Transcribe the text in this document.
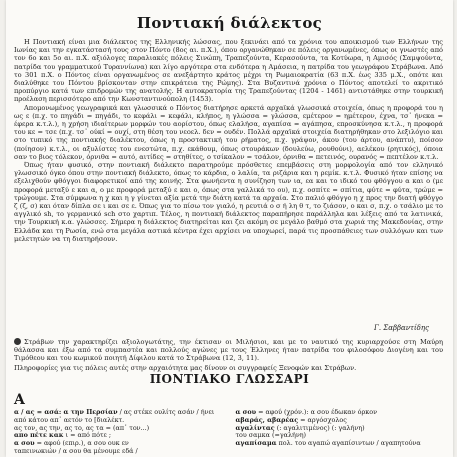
Ποντιακή διάλεκτος

Η Ποντιακή είναι μια διάλεκτος της Ελληνικής λώσσας, που ξεκινάει από τα χρόνια του αποικισμού των Ελλήνων της Ιωνίας και την εγκατάστασή τους στον Πόντο (8ος αι. π.Χ.), όπου οργανώθηκαν σε πόλεις οργανωμένες, όπως οι γνωστές από τον 6ο και 5ο αι. π.Χ. αξιόλογες παραλιακές πόλεις Σινώπη, Τραπεζούντα, Κερασούντα, τα Κοτύωρα, η Αμισός (Σαμψούντα, πατρίδα του γραμματικού Τυραννίωνα) και λίγο αργότερα στα ενδότερα η Αμάσεια, η πατρίδα του γεωγράφου Στράβωνα. Από το 301 π.Χ. ο Πόντος είναι οργανωμένος σε ανεξάρτητο κράτος μέχρι τη Ρωμαιοκρατία (63 π.Χ. έως 335 μ.Χ., οπότε και διαλύθηκε του Πόντου βρίσκονταν στην επικράτεια της Ρώμης). Στα Βυζαντινά χρόνια ο Πόντος αποτελεί το ακριτικό προπύργιο κατά των επιδρομών της ανατολής. Η αυτοκρατορία της Τραπεζούντας (1204 - 1461) αντιστάθηκε στην τουρκική προέλαση περισσότερο από την Κωνσταντινούπολη (1453).

Απομονωμένος γεωγραφικά και γλωσσικά ο Πόντος διατήρησε αρκετά αρχαϊκά γλωσσικά στοιχεία, όπως η προφορά του η ως ε (π.χ. το πηγάδι = πηγάδι, το κεφάλι = κεφάλι, κλήπος, η γλώσσα = γλώσσα, εμέτερον = ημέτερον, έχνα, τσ᾽ ήνεκα = έφερα κ.τ.λ.), η χρήση ιδιαίτερων μορφών του αορίστου, όπως ελαλήσα, αγαπίσα = αγάπησα, επροσκύνησα κ.τ.λ., η προφορά του κε = τσε (π.χ. τσ᾽ ούκί = ουχί, στη θέση του νεοελ. δεν = ουδέν. Πολλά αρχαϊκά στοιχεία διατηρήθηκαν στο λεξιλόγιο και στο τυπικό της ποντιακής διαλέκτου, όπως η προστακτική του ρήματος, π.χ. γράψον, άκου (του άρτου, ανάπτυ), ποίσον (ποίησον) κ.τ.λ., οι αξυλίστες του ενεστώτα, π.χ. εκάθουμ, όπως στουράκων (δουλεύω, ρουθούνι), αελέκου (ρητικός), όποια σαν το βιος τόλεκον, όρνιθα = αυτό, αιτίδες = στηθίτες, ο τσίκαλον = τσάλον, όρνιθα = πετεινός, ουρανός = πεπτέλον κ.τ.λ.

Όπως ήταν φυσικό, στην ποντιακή διάλεκτο παρατηρούμε πρόσθετες επεμβάσεις στη μορφολογία από τον ελληνικό γλωσσικό όγκο όπου στην ποντιακή διάλεκτο, όπως το κάρδια, ο λαλία, τα ριζάρια και η ρεμίκ. κ.τ.λ. Φυσικό ήταν επίσης να εξελιχθούν φθόγγοι διαφορετικοί από της κοινής. Στα φωνήεντα η συνίζηση των ια, εα και το ιδικό του φθόγγου α και ο (με προφορά μεταξύ ε και α, ο με προφορά μεταξύ ε και ο, όπως στα γαλλικά το ου), π.χ. οσπίτε = σπίτια, φύτε = φύτα, τρώμε = τρώγουμε. Στα σύμφωνα η χ και η γ γίνεται αξία μετά την διάτη κατά τα αρχαία. Στο παλιό φθόγγο η χ προς την διατή φθόγγο ζ (ζ, σ) και όταν δίπλα σε ι και σε ε. Όπως για το πίσω τον γιαλό, η ρευτιά ο σ ή λη θ τ, το ζιάσον, ο και σ, π.χ. ο τσάλιο με το αγγλικό sh, το γερμανικό sch στο χαρτιπ. Τέλος, η ποντιακή διάλεκτος παραπήρησε παράλληλα και λέξεις από τα λατινικά, την Τουρκική κ.α. γλώσσες. Σήμερα η διάλεκτος διατηρείται και ζει ακόμη σε μεγάλο βαθμό στα χωριά της Μακεδονίας, στην Ελλάδα και τη Ρωσία, ενώ στα μεγάλα αστικά κέντρα έχει αρχίσει να υποχωρεί, παρά τις προσπάθειες των συλλόγων και των μελετητών να τη διατηρήσουν.

Γ. Σαββαντίδης

Στράβων την χαρακτηρίζει αξιολογωτάτης, την έκτισαν οι Μιλήσιοι, και με το ναυτικό της κυριαρχούσε στη Μαύρη θάλασσα και έξω από τα συμπαστέα και πολλούς αγώνες με τους Έλληνες ήταν πατρίδα του φιλοσόφου Διογένη και του Τιμόθεου και του κωμικού ποιητή Δίφιλου κατά το Στράβωνα (12, 3, 11).

Πληροφορίες για τις πόλεις αυτές στην αρχαιότητα μας δίνουν οι συγγραφείς Ξενοφών και Στράβων.

ΠΟΝΤΙΑΚΟ ΓΛΩΣΣΑΡΙ
Α

α / ας = ασά: α την Περσίαν / ας στέκε ουλίτς ασάν / ήνει από κάτου απ᾽ αετόν το [διαλέκτ.

ας τον, ας την, ας το, ας τα = (απ᾽ τον...)

απο πέτε κακ ι = από πότε ;

α σου = αφού (επιρ.), α σου ουκ εν

ταπεινωκιών / α σου θα μένουμε εδά /

α σου = αφού (χρόν.): α σου έδωκαν όρκον

αβαράς, αβαρέας = αργόσχολος

αγαλίντας (: αγαλιτιμένος) (: γαλήνη)

του σαμκα (=γαλήνη)

αγαπίσαμα πολ. του αγαπώ αγαπίσιντων / αγαπητούνα
